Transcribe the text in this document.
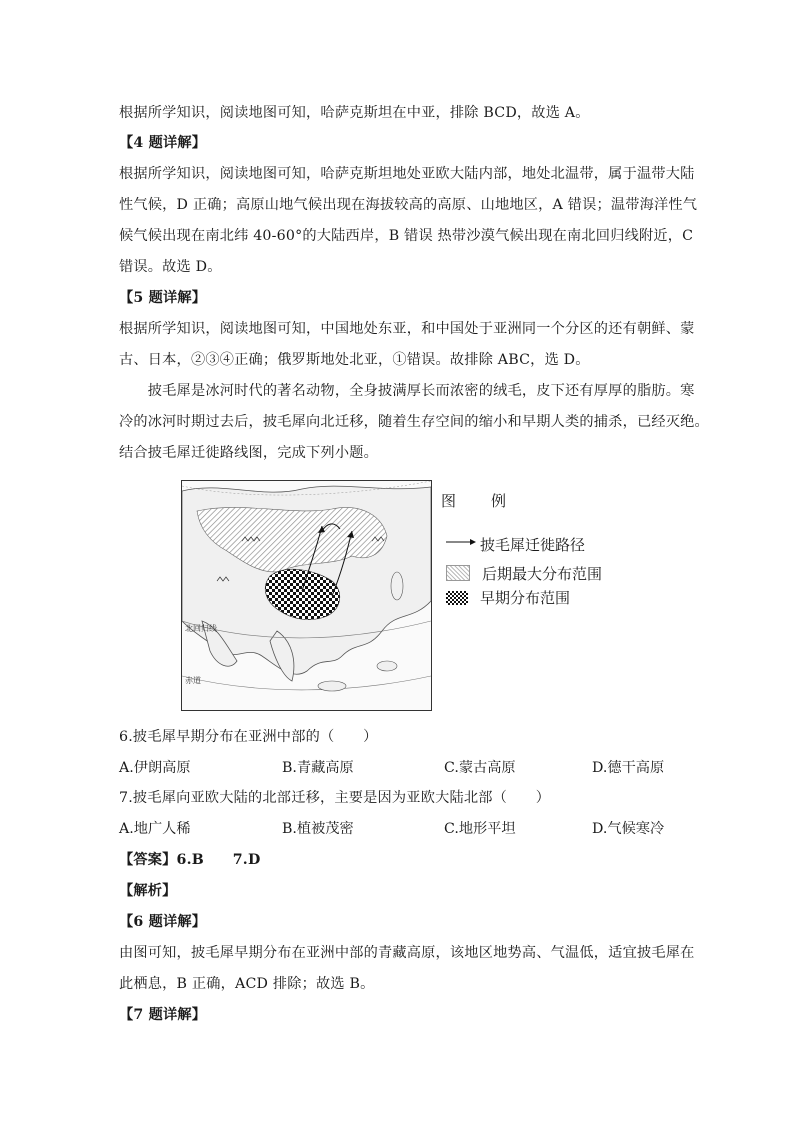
根据所学知识，阅读地图可知，哈萨克斯坦在中亚，排除 BCD，故选 A。
【4 题详解】
根据所学知识，阅读地图可知，哈萨克斯坦地处亚欧大陆内部，地处北温带，属于温带大陆
性气候，D 正确；高原山地气候出现在海拔较高的高原、山地地区，A 错误；温带海洋性气
候气候出现在南北纬 40-60°的大陆西岸，B 错误 热带沙漠气候出现在南北回归线附近，C
错误。故选 D。
【5 题详解】
根据所学知识，阅读地图可知，中国地处东亚，和中国处于亚洲同一个分区的还有朝鲜、蒙
古、日本，②③④正确；俄罗斯地处北亚，①错误。故排除 ABC，选 D。
　　披毛犀是冰河时代的著名动物，全身披满厚长而浓密的绒毛，皮下还有厚厚的脂肪。寒
冷的冰河时期过去后，披毛犀向北迁移，随着生存空间的缩小和早期人类的捕杀，已经灭绝。
结合披毛犀迁徙路线图，完成下列小题。
北回归线
赤道
图　例
披毛犀迁徙路径
后期最大分布范围
早期分布范围
6.披毛犀早期分布在亚洲中部的（　　）
A.伊朗高原	B.青藏高原	C.蒙古高原	D.德干高原
7.披毛犀向亚欧大陆的北部迁移，主要是因为亚欧大陆北部（　　）
A.地广人稀	B.植被茂密	C.地形平坦	D.气候寒冷
【答案】6.B　　7.D
【解析】
【6 题详解】
由图可知，披毛犀早期分布在亚洲中部的青藏高原，该地区地势高、气温低，适宜披毛犀在
此栖息，B 正确，ACD 排除；故选 B。
【7 题详解】
